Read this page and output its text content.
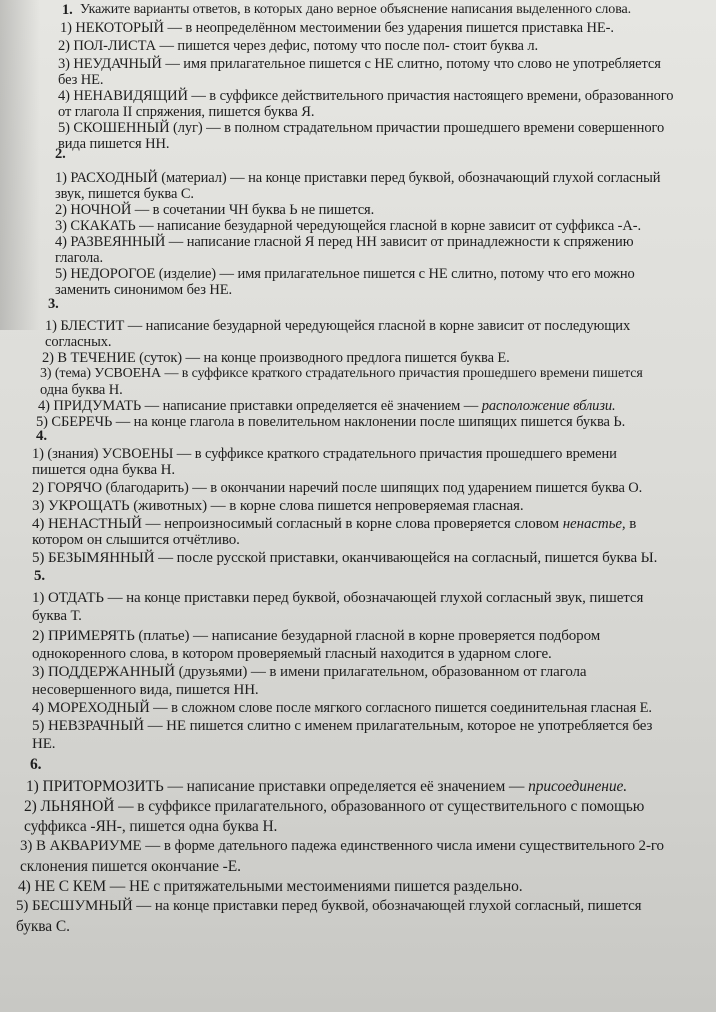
1. Укажите варианты ответов, в которых дано верное объяснение написания выделенного слова.
1) НЕКОТОРЫЙ — в неопределённом местоимении без ударения пишется приставка НЕ-.
2) ПОЛ-ЛИСТА — пишется через дефис, потому что после пол- стоит буква л.
3) НЕУДАЧНЫЙ — имя прилагательное пишется с НЕ слитно, потому что слово не употребляется
без НЕ.
4) НЕНАВИДЯЩИЙ — в суффиксе действительного причастия настоящего времени, образованного
от глагола II спряжения, пишется буква Я.
5) СКОШЕННЫЙ (луг) — в полном страдательном причастии прошедшего времени совершенного
вида пишется НН.
2.
1) РАСХОДНЫЙ (материал) — на конце приставки перед буквой, обозначающий глухой согласный
звук, пишется буква С.
2) НОЧНОЙ — в сочетании ЧН буква Ь не пишется.
3) СКАКАТЬ — написание безударной чередующейся гласной в корне зависит от суффикса -А-.
4) РАЗВЕЯННЫЙ — написание гласной Я перед НН зависит от принадлежности к спряжению
глагола.
5) НЕДОРОГОЕ (изделие) — имя прилагательное пишется с НЕ слитно, потому что его можно
заменить синонимом без НЕ.
3.
1) БЛЕСТИТ — написание безударной чередующейся гласной в корне зависит от последующих
согласных.
2) В ТЕЧЕНИЕ (суток) — на конце производного предлога пишется буква Е.
3) (тема) УСВОЕНА — в суффиксе краткого страдательного причастия прошедшего времени пишется
одна буква Н.
4) ПРИДУМАТЬ — написание приставки определяется её значением — расположение вблизи.
5) СБЕРЕЧЬ — на конце глагола в повелительном наклонении после шипящих пишется буква Ь.
4.
1) (знания) УСВОЕНЫ — в суффиксе краткого страдательного причастия прошедшего времени
пишется одна буква Н.
2) ГОРЯЧО (благодарить) — в окончании наречий после шипящих под ударением пишется буква О.
3) УКРОЩАТЬ (животных) — в корне слова пишется непроверяемая гласная.
4) НЕНАСТНЫЙ — непроизносимый согласный в корне слова проверяется словом ненастье, в
котором он слышится отчётливо.
5) БЕЗЫМЯННЫЙ — после русской приставки, оканчивающейся на согласный, пишется буква Ы.
5.
1) ОТДАТЬ — на конце приставки перед буквой, обозначающей глухой согласный звук, пишется
буква Т.
2) ПРИМЕРЯТЬ (платье) — написание безударной гласной в корне проверяется подбором
однокоренного слова, в котором проверяемый гласный находится в ударном слоге.
3) ПОДДЕРЖАННЫЙ (друзьями) — в имени прилагательном, образованном от глагола
несовершенного вида, пишется НН.
4) МОРЕХОДНЫЙ — в сложном слове после мягкого согласного пишется соединительная гласная Е.
5) НЕВЗРАЧНЫЙ — НЕ пишется слитно с именем прилагательным, которое не употребляется без
НЕ.
6.
1) ПРИТОРМОЗИТЬ — написание приставки определяется её значением — присоединение.
2) ЛЬНЯНОЙ — в суффиксе прилагательного, образованного от существительного с помощью
суффикса -ЯН-, пишется одна буква Н.
3) В АКВАРИУМЕ — в форме дательного падежа единственного числа имени существительного 2-го
склонения пишется окончание -Е.
4) НЕ С КЕМ — НЕ с притяжательными местоимениями пишется раздельно.
5) БЕСШУМНЫЙ — на конце приставки перед буквой, обозначающей глухой согласный, пишется
буква С.
